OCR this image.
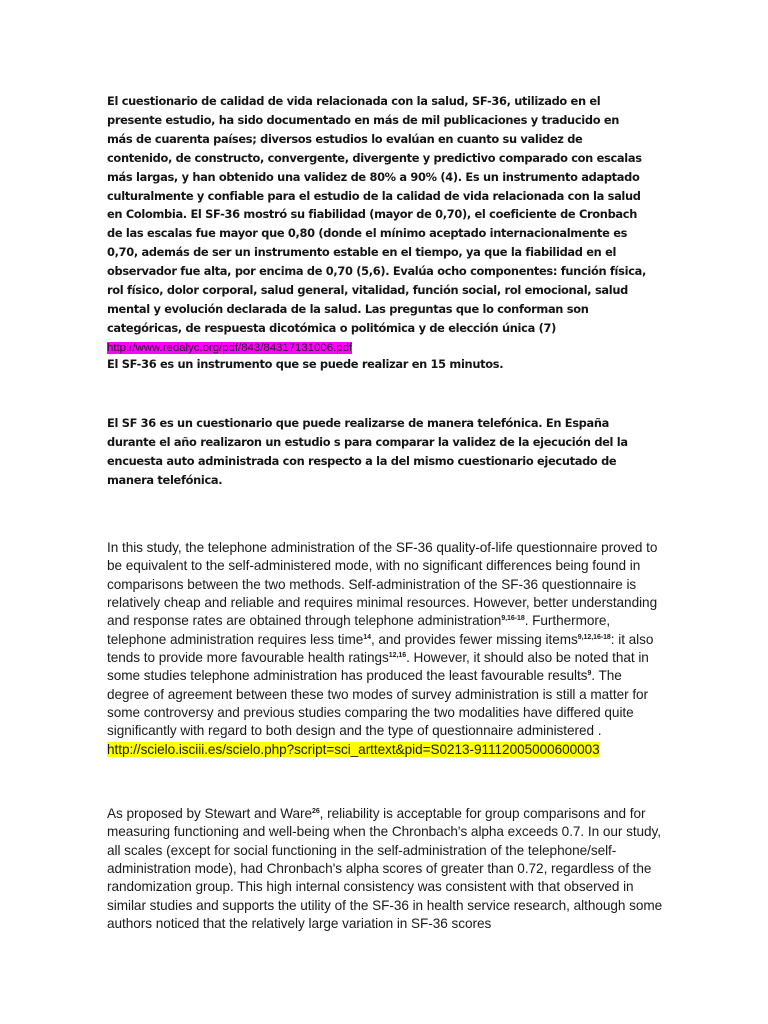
El cuestionario de calidad de vida relacionada con la salud, SF-36, utilizado en el presente estudio, ha sido documentado en más de mil publicaciones y traducido en más de cuarenta países; diversos estudios lo evalúan en cuanto su validez de contenido, de constructo, convergente, divergente y predictivo comparado con escalas más largas, y han obtenido una validez de 80% a 90% (4). Es un instrumento adaptado culturalmente y confiable para el estudio de la calidad de vida relacionada con la salud en Colombia. El SF-36 mostró su fiabilidad (mayor de 0,70), el coeficiente de Cronbach de las escalas fue mayor que 0,80 (donde el mínimo aceptado internacionalmente es 0,70, además de ser un instrumento estable en el tiempo, ya que la fiabilidad en el observador fue alta, por encima de 0,70 (5,6). Evalúa ocho componentes: función física, rol físico, dolor corporal, salud general, vitalidad, función social, rol emocional, salud mental y evolución declarada de la salud. Las preguntas que lo conforman son categóricas, de respuesta dicotómica o politómica y de elección única (7) http://www.redalyc.org/pdf/843/84317131006.pdf

El SF-36 es un instrumento que se puede realizar en 15 minutos.

El SF 36 es un cuestionario que puede realizarse de manera telefónica. En España durante el año realizaron un estudio s para comparar la validez de la ejecución del la encuesta auto administrada con respecto a la del mismo cuestionario ejecutado de manera telefónica.

In this study, the telephone administration of the SF-36 quality-of-life questionnaire proved to be equivalent to the self-administered mode, with no significant differences being found in comparisons between the two methods. Self-administration of the SF-36 questionnaire is relatively cheap and reliable and requires minimal resources. However, better understanding and response rates are obtained through telephone administration$^{9,16-18}$. Furthermore, telephone administration requires less time$^{14}$, and provides fewer missing items$^{9,12,16-18}$: it also tends to provide more favourable health ratings$^{12,16}$. However, it should also be noted that in some studies telephone administration has produced the least favourable results$^9$. The degree of agreement between these two modes of survey administration is still a matter for some controversy and previous studies comparing the two modalities have differed quite significantly with regard to both design and the type of questionnaire administered . http://scielo.isciii.es/scielo.php?script=sci_arttext&pid=S0213-91112005000600003

As proposed by Stewart and Ware$^{26}$, reliability is acceptable for group comparisons and for measuring functioning and well-being when the Chronbach's alpha exceeds 0.7. In our study, all scales (except for social functioning in the self-administration of the telephone/self-administration mode), had Chronbach's alpha scores of greater than 0.72, regardless of the randomization group. This high internal consistency was consistent with that observed in similar studies and supports the utility of the SF-36 in health service research, although some authors noticed that the relatively large variation in SF-36 scores
